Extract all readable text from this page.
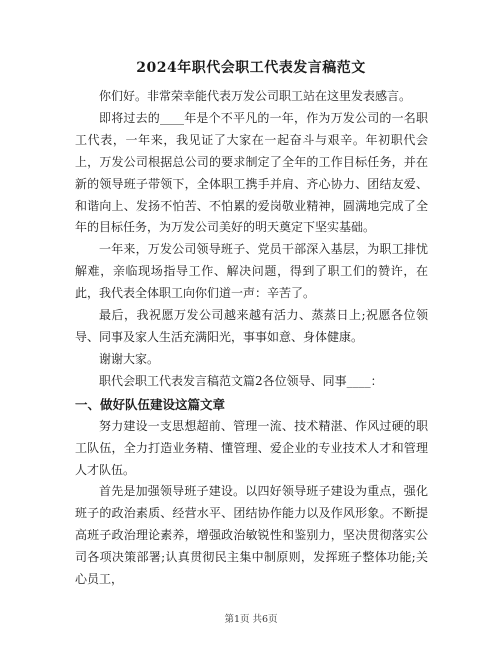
2024年职代会职工代表发言稿范文

你们好。非常荣幸能代表万发公司职工站在这里发表感言。

即将过去的____年是个不平凡的一年，作为万发公司的一名职工代表，一年来，我见证了大家在一起奋斗与艰辛。年初职代会上，万发公司根据总公司的要求制定了全年的工作目标任务，并在新的领导班子带领下，全体职工携手并肩、齐心协力、团结友爱、和谐向上、发扬不怕苦、不怕累的爱岗敬业精神，圆满地完成了全年的目标任务，为万发公司美好的明天奠定下坚实基础。

一年来，万发公司领导班子、党员干部深入基层，为职工排忧解难，亲临现场指导工作、解决问题，得到了职工们的赞许，在此，我代表全体职工向你们道一声：辛苦了。

最后，我祝愿万发公司越来越有活力、蒸蒸日上;祝愿各位领导、同事及家人生活充满阳光，事事如意、身体健康。

谢谢大家。

职代会职工代表发言稿范文篇2各位领导、同事____：

一、做好队伍建设这篇文章

努力建设一支思想超前、管理一流、技术精湛、作风过硬的职工队伍，全力打造业务精、懂管理、爱企业的专业技术人才和管理人才队伍。

首先是加强领导班子建设。以四好领导班子建设为重点，强化班子的政治素质、经营水平、团结协作能力以及作风形象。不断提高班子政治理论素养，增强政治敏锐性和鉴别力，坚决贯彻落实公司各项决策部署;认真贯彻民主集中制原则，发挥班子整体功能;关心员工，

第1页 共6页
